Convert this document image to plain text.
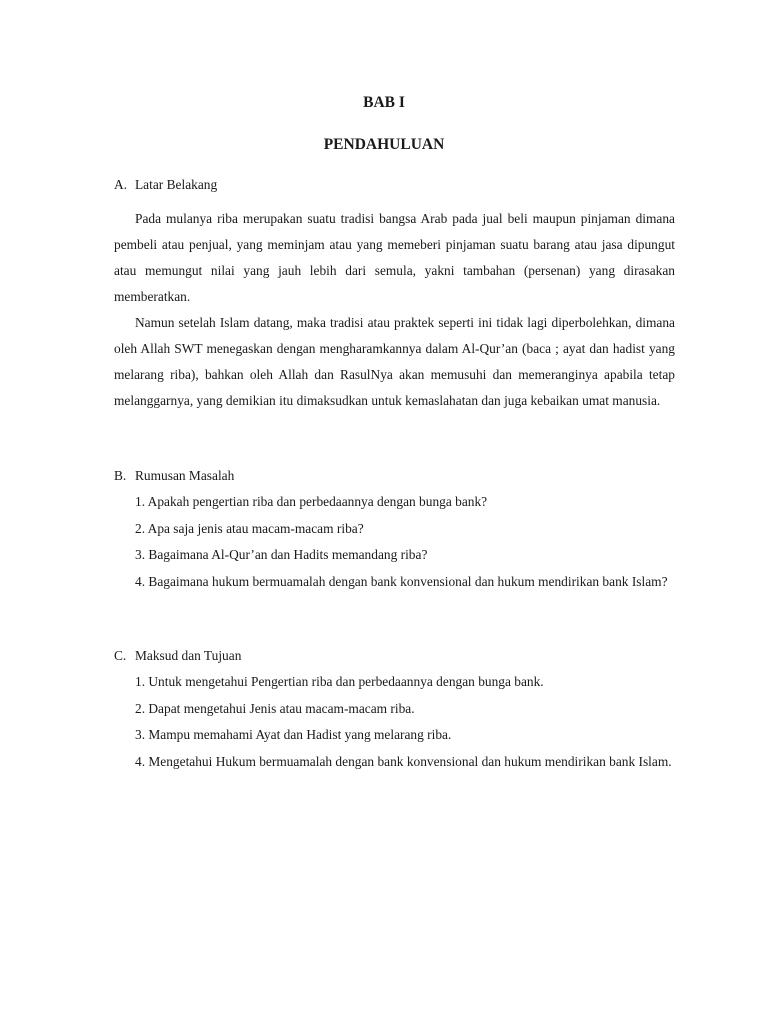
BAB I
PENDAHULUAN

A. Latar Belakang

Pada mulanya riba merupakan suatu tradisi bangsa Arab pada jual beli maupun pinjaman dimana pembeli atau penjual, yang meminjam atau yang memeberi pinjaman suatu barang atau jasa dipungut atau memungut nilai yang jauh lebih dari semula, yakni tambahan (persenan) yang dirasakan memberatkan.

Namun setelah Islam datang, maka tradisi atau praktek seperti ini tidak lagi diperbolehkan, dimana oleh Allah SWT menegaskan dengan mengharamkannya dalam Al-Qur’an (baca ; ayat dan hadist yang melarang riba), bahkan oleh Allah dan RasulNya akan memusuhi dan memeranginya apabila tetap melanggarnya, yang demikian itu dimaksudkan untuk kemaslahatan dan juga kebaikan umat manusia.

B. Rumusan Masalah

1. Apakah pengertian riba dan perbedaannya dengan bunga bank?
2. Apa saja jenis atau macam-macam riba?
3. Bagaimana Al-Qur’an dan Hadits memandang riba?
4. Bagaimana hukum bermuamalah dengan bank konvensional dan hukum mendirikan bank Islam?

C. Maksud dan Tujuan

1. Untuk mengetahui Pengertian riba dan perbedaannya dengan bunga bank.
2. Dapat mengetahui Jenis atau macam-macam riba.
3. Mampu memahami Ayat dan Hadist yang melarang riba.
4. Mengetahui Hukum bermuamalah dengan bank konvensional dan hukum mendirikan bank Islam.
